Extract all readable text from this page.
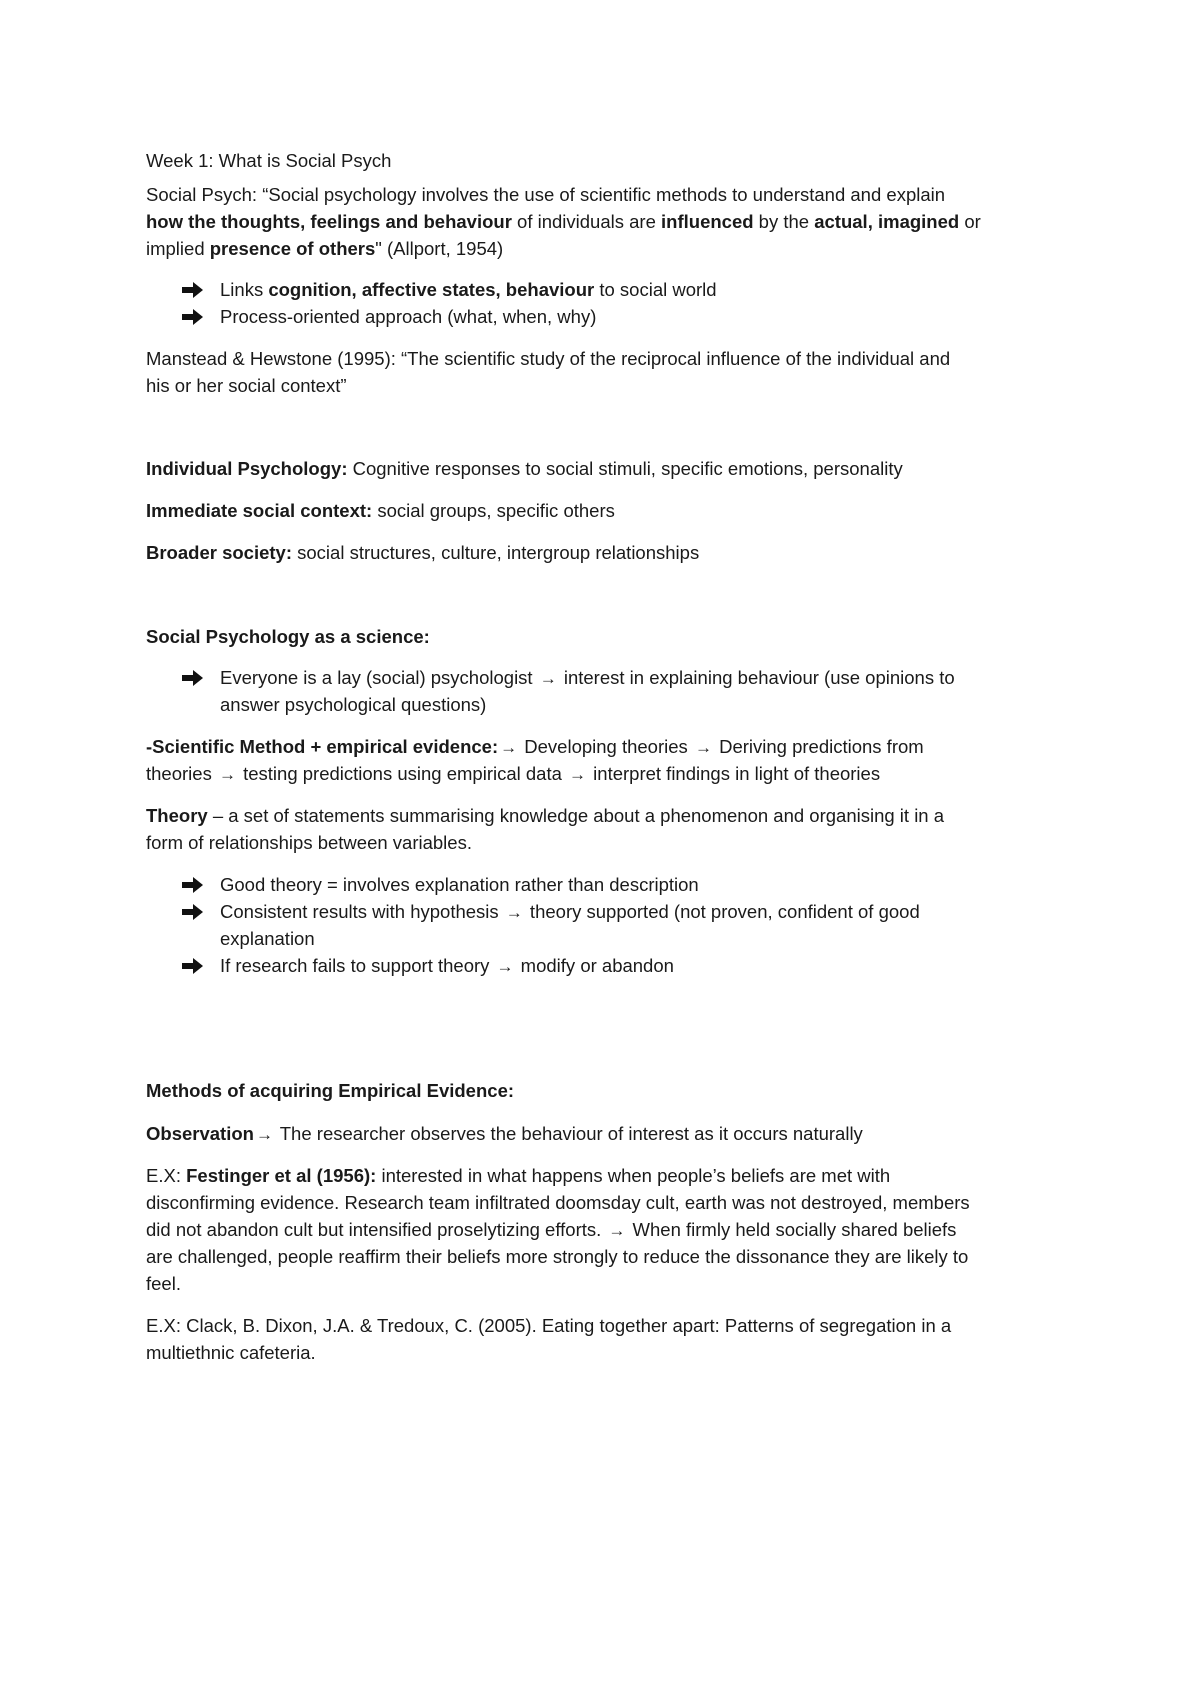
Week 1: What is Social Psych
Social Psych: “Social psychology involves the use of scientific methods to understand and explain
how the thoughts, feelings and behaviour of individuals are influenced by the actual, imagined or
implied presence of others" (Allport, 1954)
Links cognition, affective states, behaviour to social world
Process-oriented approach (what, when, why)
Manstead & Hewstone (1995): “The scientific study of the reciprocal influence of the individual and
his or her social context”
Individual Psychology: Cognitive responses to social stimuli, specific emotions, personality
Immediate social context: social groups, specific others
Broader society: social structures, culture, intergroup relationships
Social Psychology as a science:
Everyone is a lay (social) psychologist → interest in explaining behaviour (use opinions to
answer psychological questions)
-Scientific Method + empirical evidence: → Developing theories → Deriving predictions from
theories → testing predictions using empirical data → interpret findings in light of theories
Theory – a set of statements summarising knowledge about a phenomenon and organising it in a
form of relationships between variables.
Good theory = involves explanation rather than description
Consistent results with hypothesis → theory supported (not proven, confident of good
explanation
If research fails to support theory → modify or abandon
Methods of acquiring Empirical Evidence:
Observation → The researcher observes the behaviour of interest as it occurs naturally
E.X: Festinger et al (1956): interested in what happens when people’s beliefs are met with
disconfirming evidence. Research team infiltrated doomsday cult, earth was not destroyed, members
did not abandon cult but intensified proselytizing efforts. → When firmly held socially shared beliefs
are challenged, people reaffirm their beliefs more strongly to reduce the dissonance they are likely to
feel.
E.X: Clack, B. Dixon, J.A. & Tredoux, C. (2005). Eating together apart: Patterns of segregation in a
multiethnic cafeteria.
